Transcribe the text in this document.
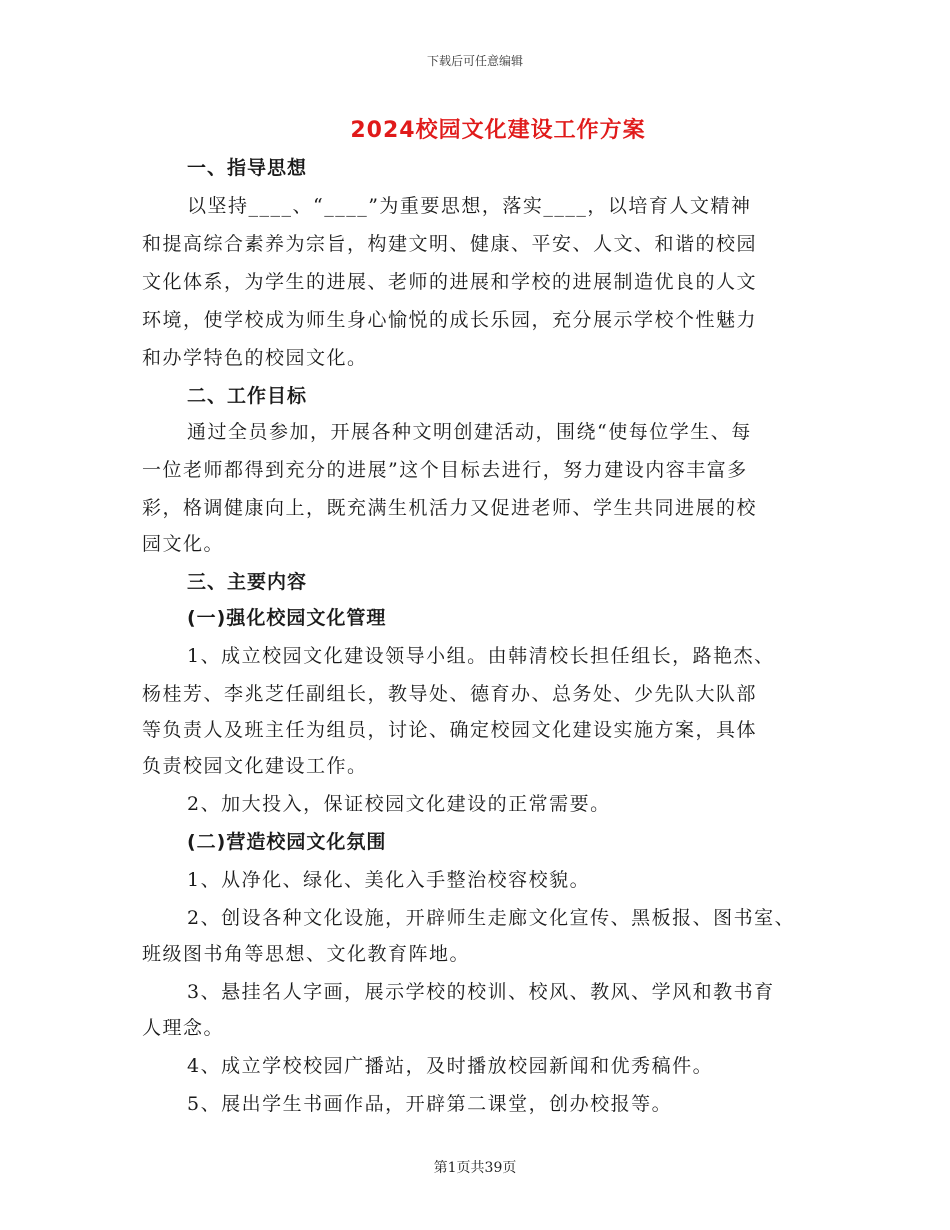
下载后可任意编辑
2024校园文化建设工作方案
一、指导思想
以坚持____、“____”为重要思想，落实____，以培育人文精神
和提高综合素养为宗旨，构建文明、健康、平安、人文、和谐的校园
文化体系，为学生的进展、老师的进展和学校的进展制造优良的人文
环境，使学校成为师生身心愉悦的成长乐园，充分展示学校个性魅力
和办学特色的校园文化。
二、工作目标
通过全员参加，开展各种文明创建活动，围绕“使每位学生、每
一位老师都得到充分的进展”这个目标去进行，努力建设内容丰富多
彩，格调健康向上，既充满生机活力又促进老师、学生共同进展的校
园文化。
三、主要内容
(一)强化校园文化管理
1、成立校园文化建设领导小组。由韩清校长担任组长，路艳杰、
杨桂芳、李兆芝任副组长，教导处、德育办、总务处、少先队大队部
等负责人及班主任为组员，讨论、确定校园文化建设实施方案，具体
负责校园文化建设工作。
2、加大投入，保证校园文化建设的正常需要。
(二)营造校园文化氛围
1、从净化、绿化、美化入手整治校容校貌。
2、创设各种文化设施，开辟师生走廊文化宣传、黑板报、图书室、
班级图书角等思想、文化教育阵地。
3、悬挂名人字画，展示学校的校训、校风、教风、学风和教书育
人理念。
4、成立学校校园广播站，及时播放校园新闻和优秀稿件。
5、展出学生书画作品，开辟第二课堂，创办校报等。
第1页共39页
